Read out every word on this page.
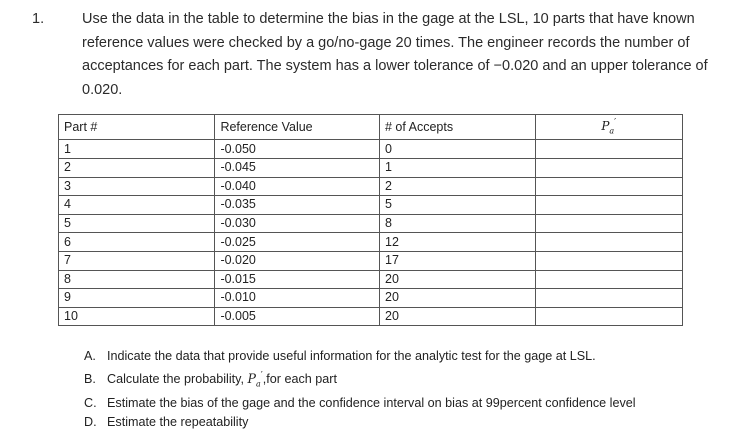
1.	Use the data in the table to determine the bias in the gage at the LSL, 10 parts that have known reference values were checked by a go/no-gage 20 times. The engineer records the number of acceptances for each part. The system has a lower tolerance of −0.020 and an upper tolerance of 0.020.
Part #	Reference Value	# of Accepts	$P_a'$
1	-0.050	0	
2	-0.045	1	
3	-0.040	2	
4	-0.035	5	
5	-0.030	8	
6	-0.025	12	
7	-0.020	17	
8	-0.015	20	
9	-0.010	20	
10	-0.005	20	
A. Indicate the data that provide useful information for the analytic test for the gage at LSL.
B. Calculate the probability, $P_a',for$ each part
C. Estimate the bias of the gage and the confidence interval on bias at 99percent confidence level
D. Estimate the repeatability
